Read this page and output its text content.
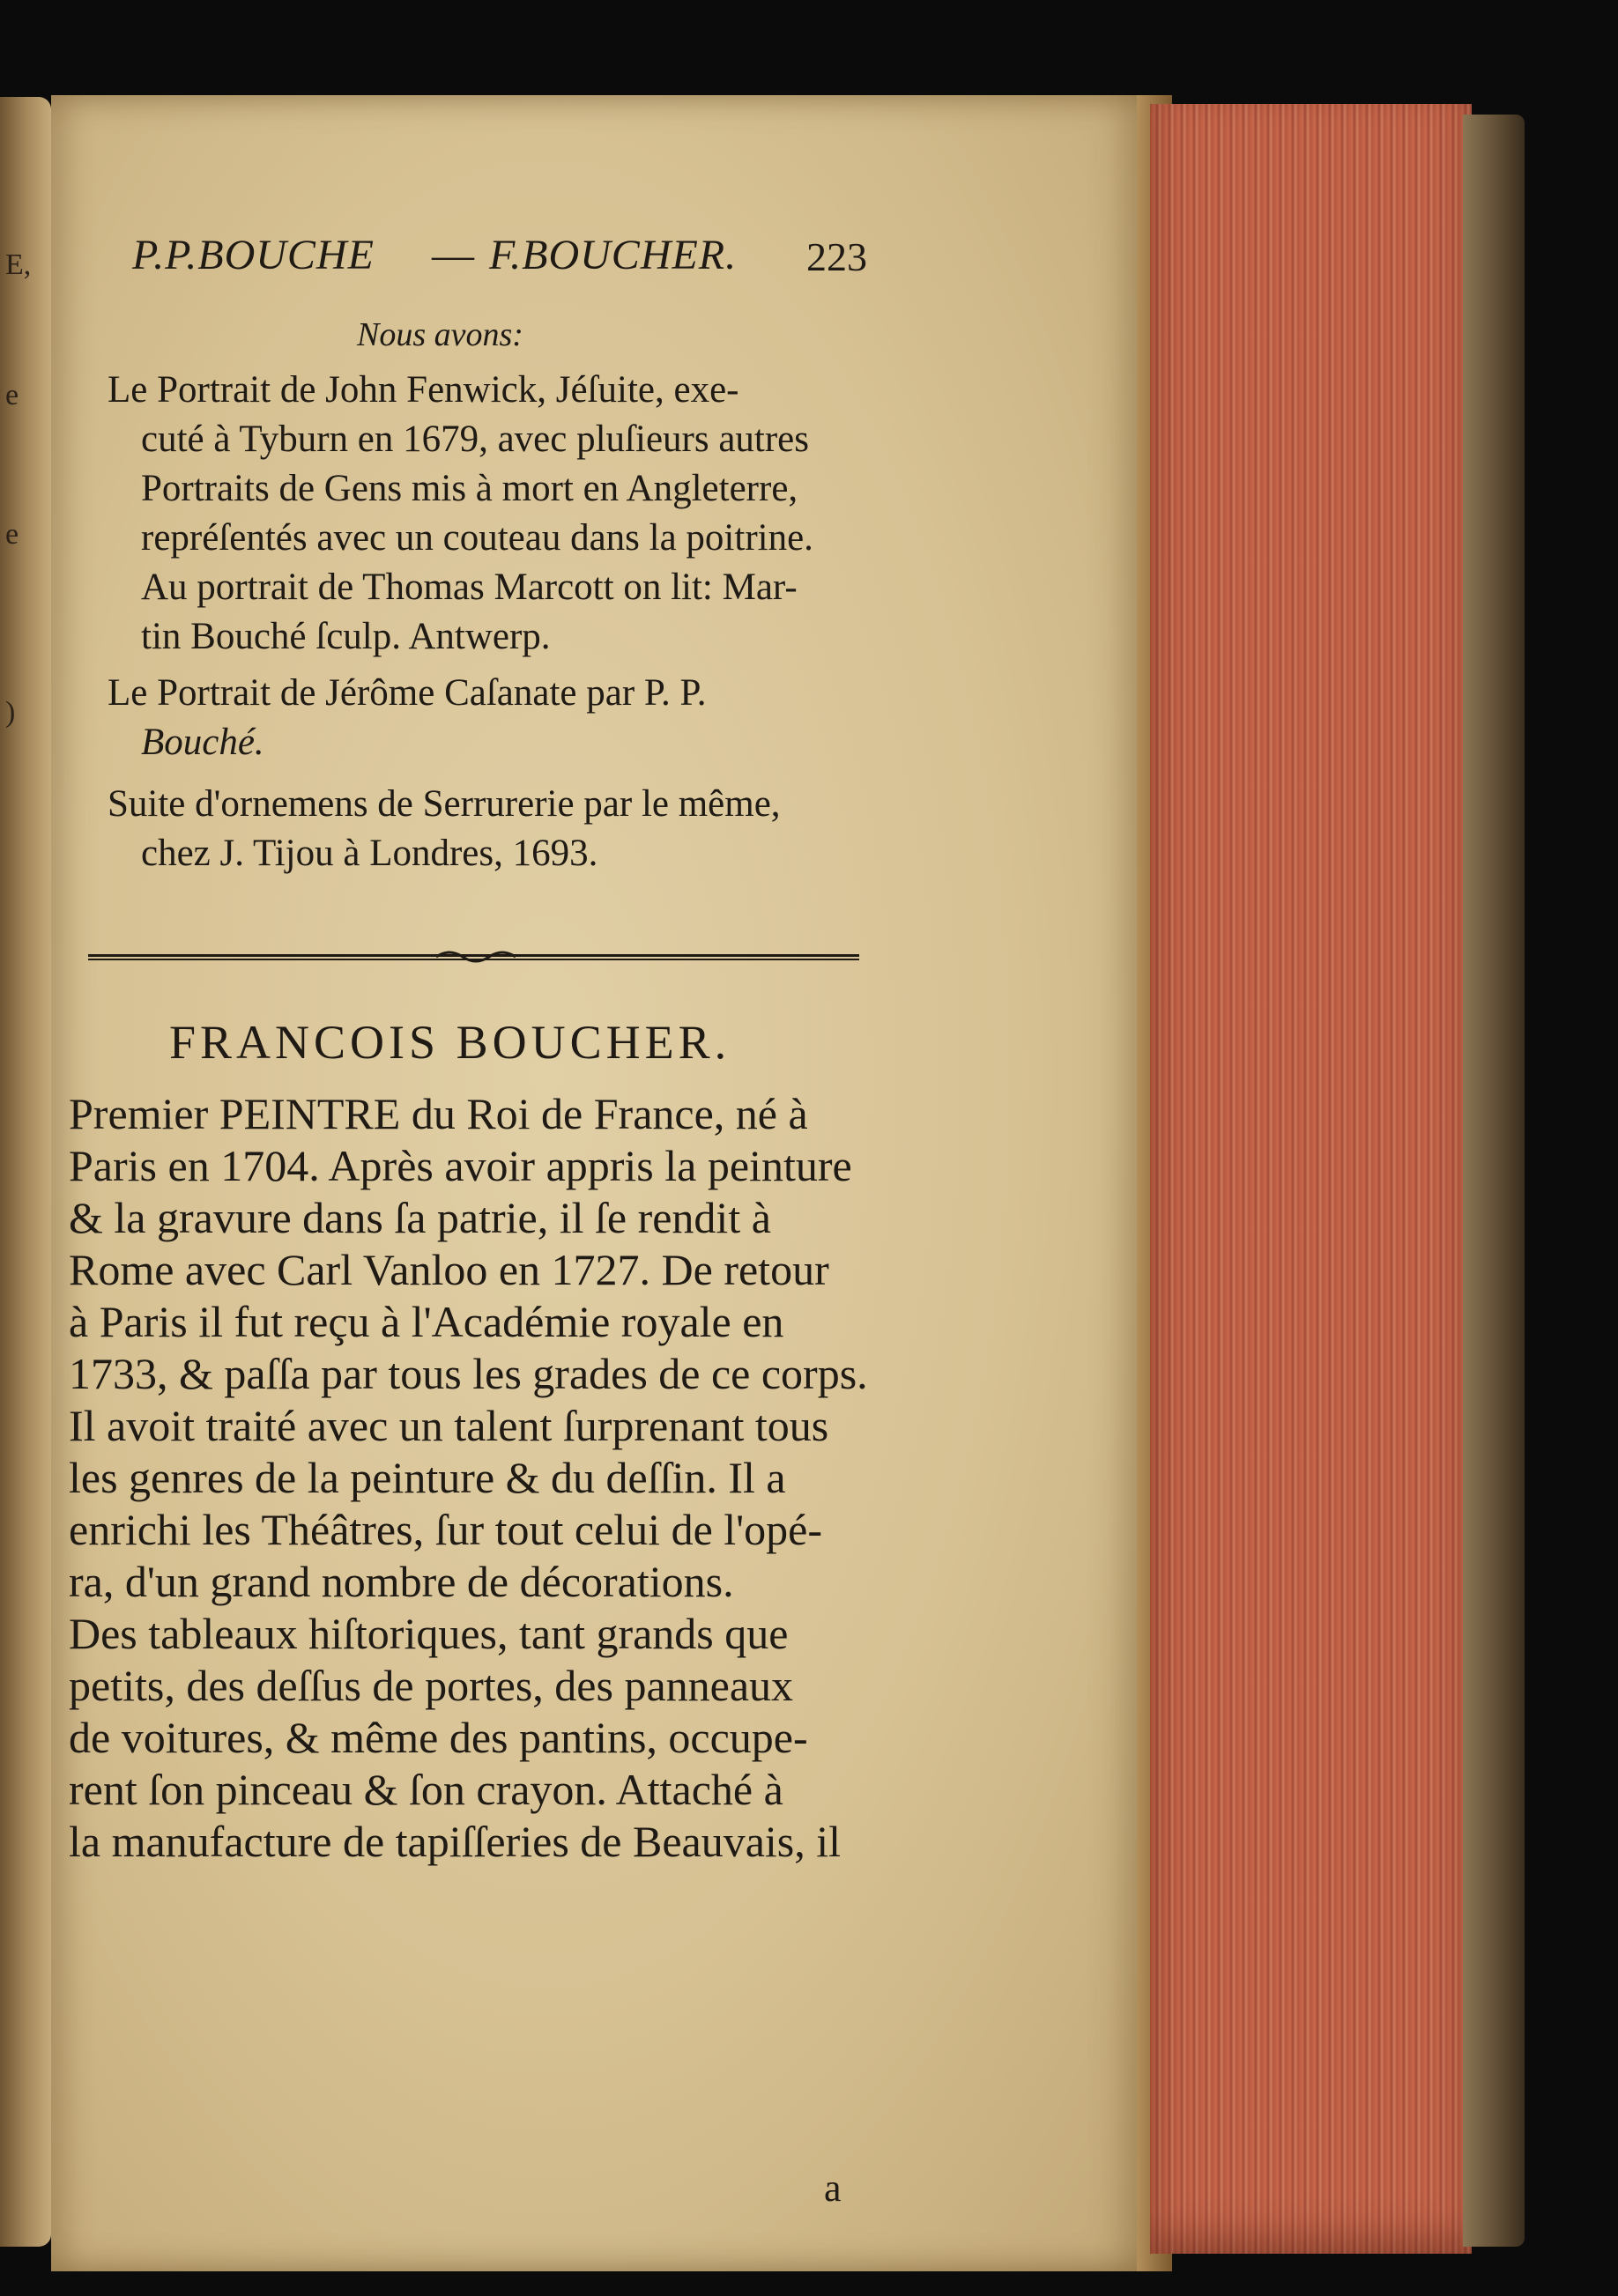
E,
e
e
)
P.P.BOUCHE — F.BOUCHER. 223
Nous avons:
Le Portrait de John Fenwick, Jéſuite, exe-
cuté à Tyburn en 1679, avec pluſieurs autres
Portraits de Gens mis à mort en Angleterre,
repréſentés avec un couteau dans la poitrine.
Au portrait de Thomas Marcott on lit: Mar-
tin Bouché ſculp. Antwerp.
Le Portrait de Jérôme Caſanate par P. P.
Bouché.
Suite d'ornemens de Serrurerie par le même,
chez J. Tijou à Londres, 1693.
FRANCOIS BOUCHER.
Premier PEINTRE du Roi de France, né à
Paris en 1704. Après avoir appris la peinture
& la gravure dans ſa patrie, il ſe rendit à
Rome avec Carl Vanloo en 1727. De retour
à Paris il fut reçu à l'Académie royale en
1733, & paſſa par tous les grades de ce corps.
Il avoit traité avec un talent ſurprenant tous
les genres de la peinture & du deſſin. Il a
enrichi les Théâtres, ſur tout celui de l'opé-
ra, d'un grand nombre de décorations.
Des tableaux hiſtoriques, tant grands que
petits, des deſſus de portes, des panneaux
de voitures, & même des pantins, occupe-
rent ſon pinceau & ſon crayon. Attaché à
la manufacture de tapiſſeries de Beauvais, il
a
